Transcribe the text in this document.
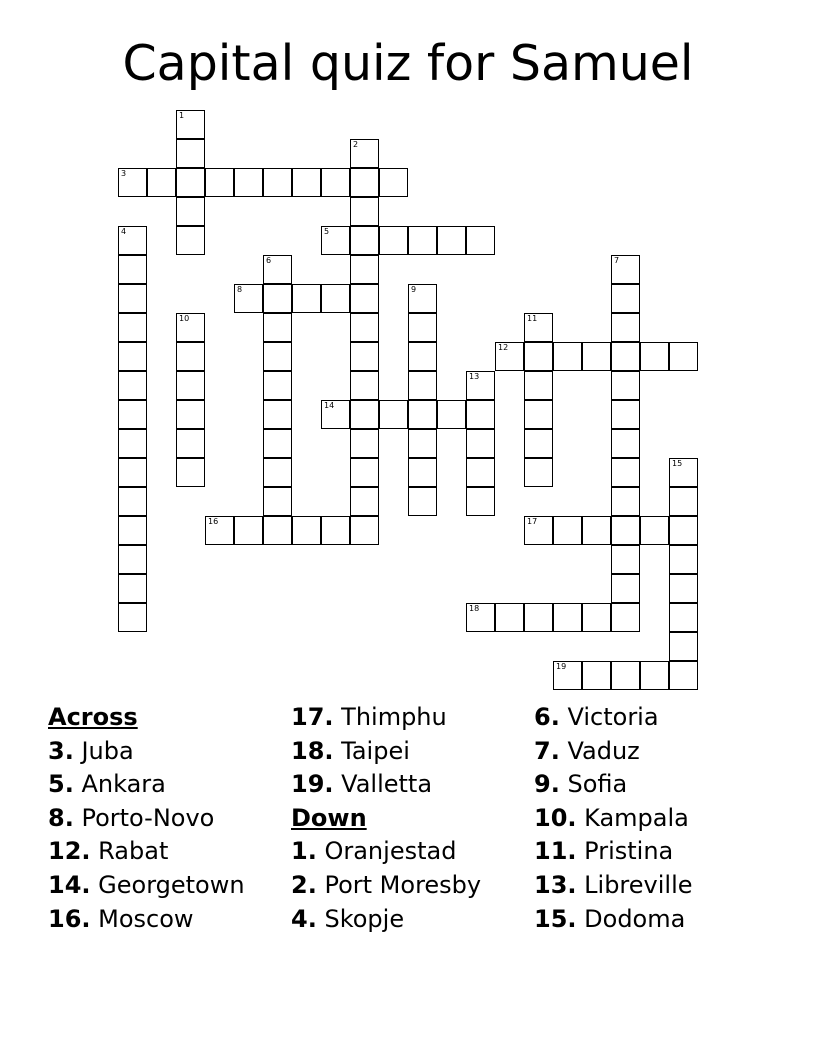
Capital quiz for Samuel
1
2
3
4	5
6	7
8	9
10	11
12
13
14
15
16	17
18
19
Across
3. Juba
5. Ankara
8. Porto-Novo
12. Rabat
14. Georgetown
16. Moscow
17. Thimphu
18. Taipei
19. Valletta
Down
1. Oranjestad
2. Port Moresby
4. Skopje
6. Victoria
7. Vaduz
9. Sofia
10. Kampala
11. Pristina
13. Libreville
15. Dodoma
